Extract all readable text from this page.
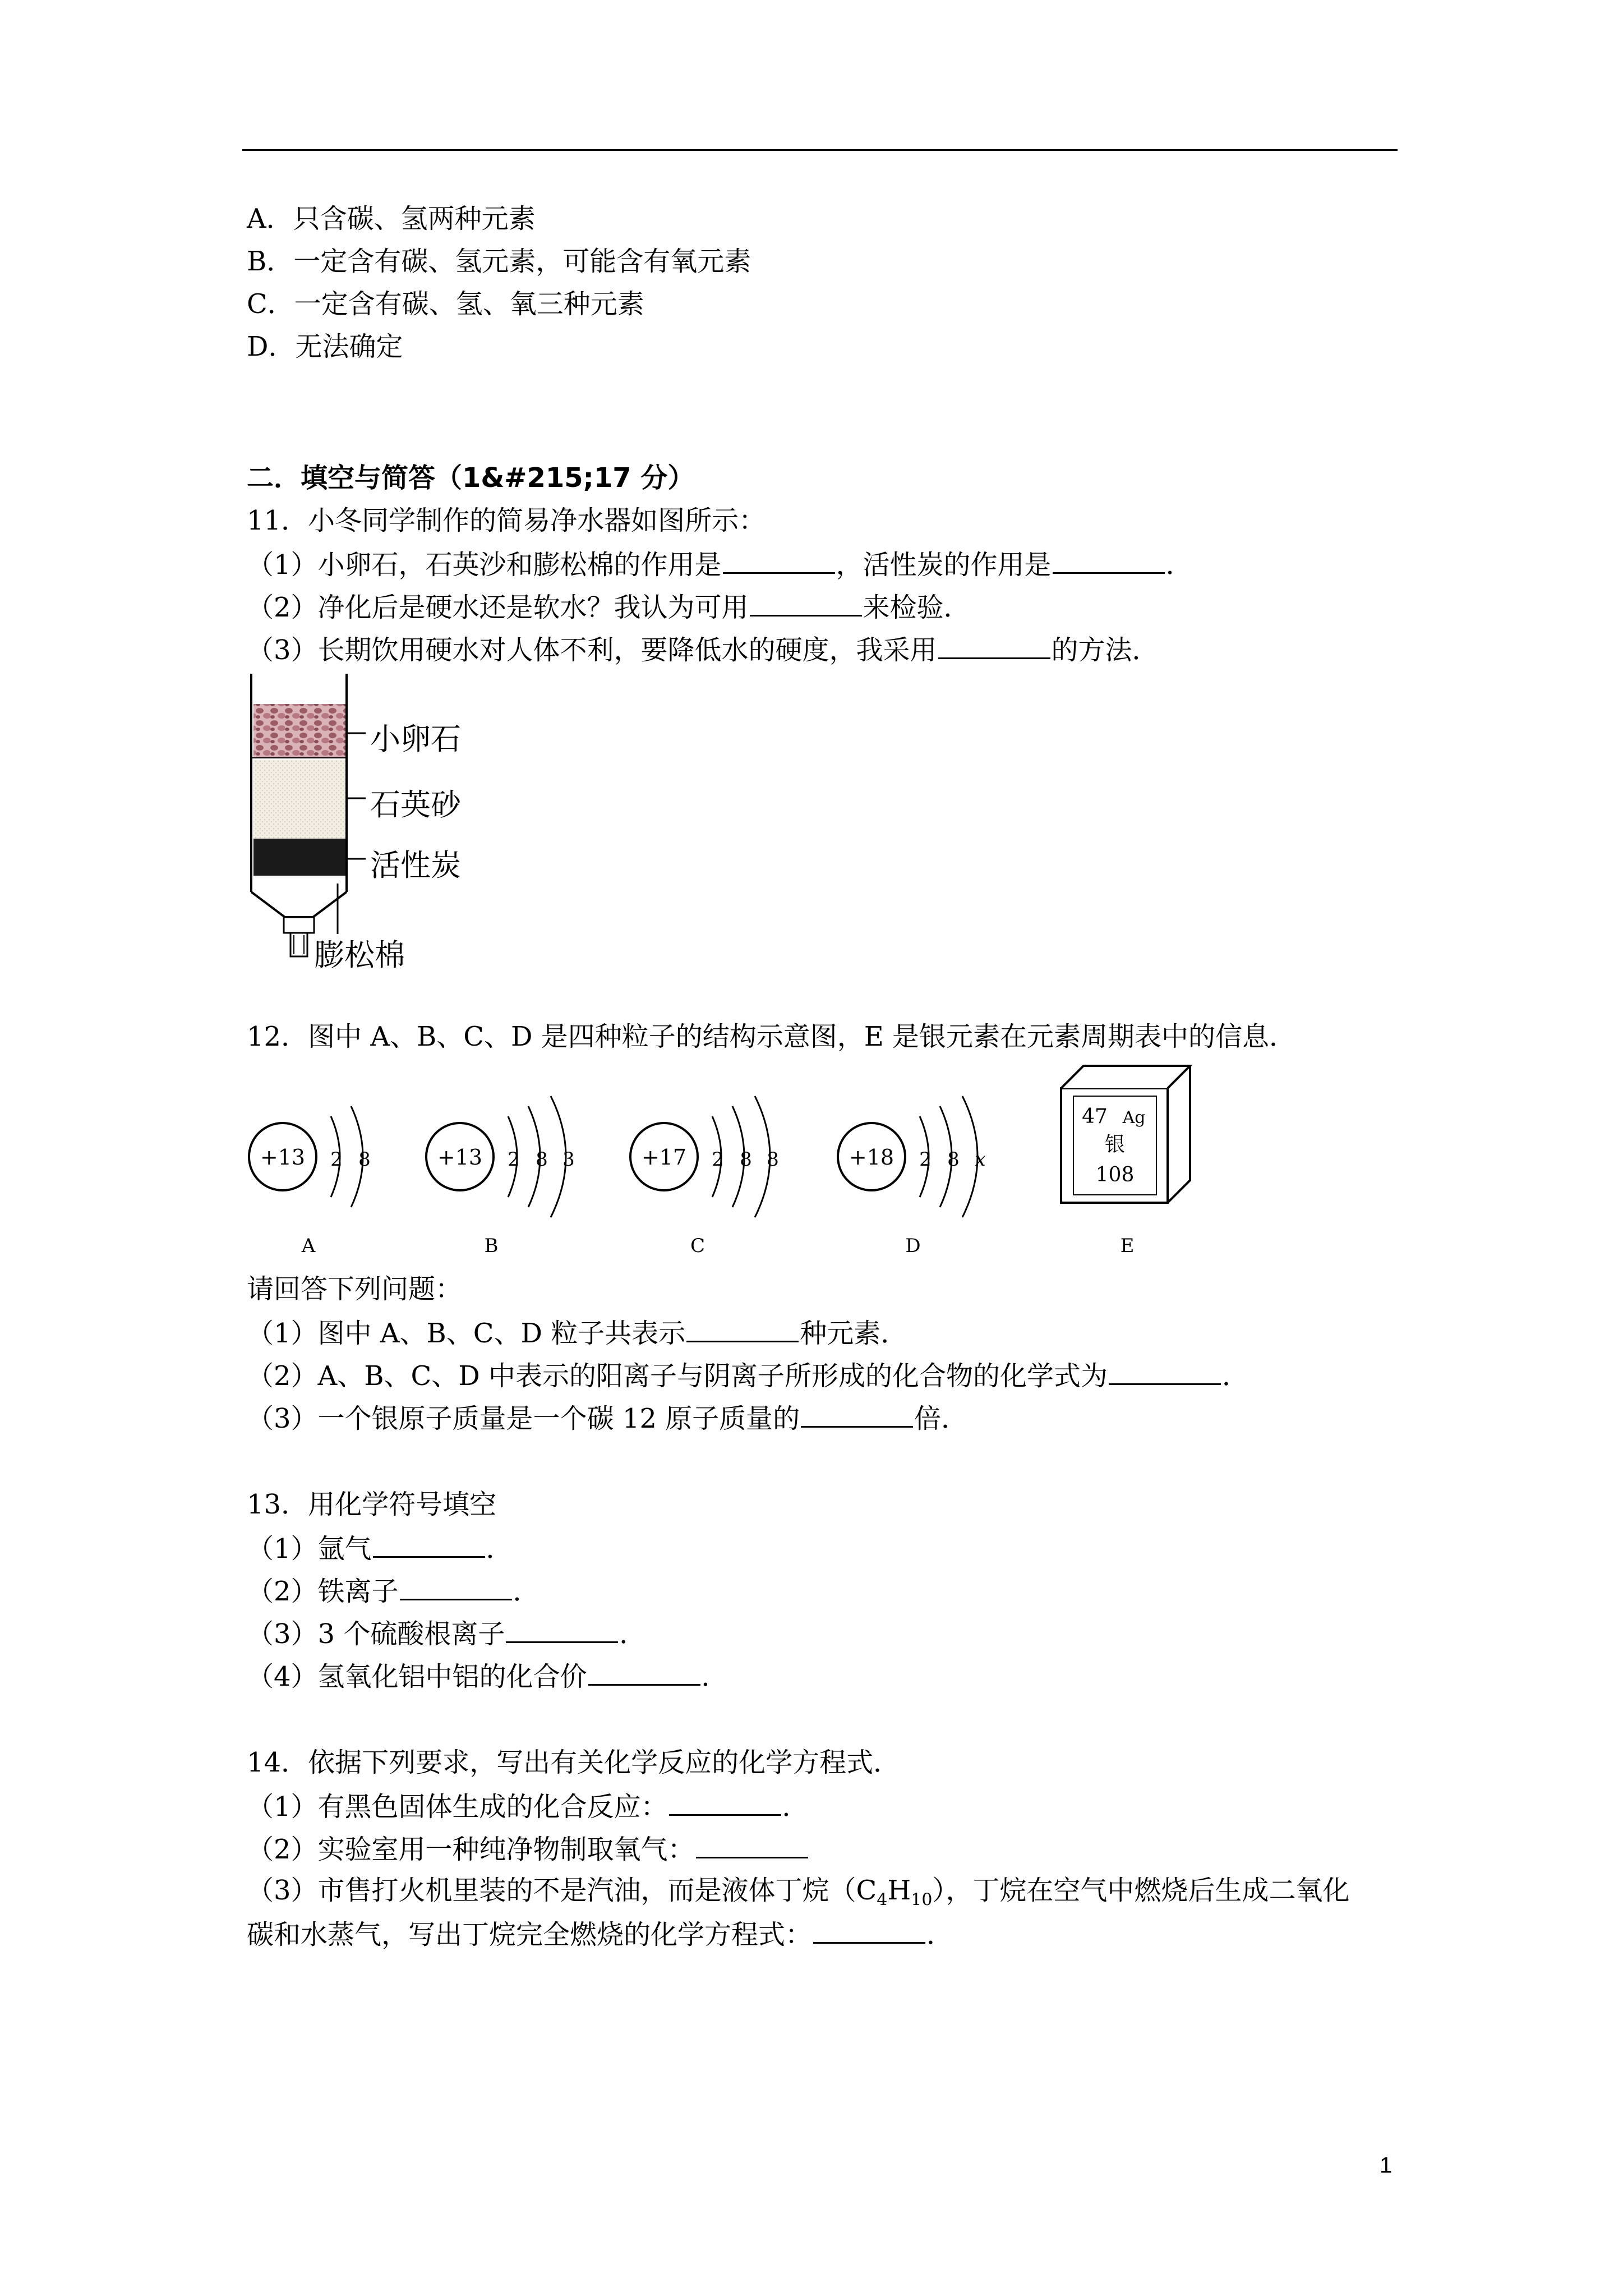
A．只含碳、氢两种元素
B．一定含有碳、氢元素，可能含有氧元素
C．一定含有碳、氢、氧三种元素
D．无法确定
二．填空与简答（1&#215;17 分）
11．小冬同学制作的简易净水器如图所示：
（1）小卵石，石英沙和膨松棉的作用是	，活性炭的作用是	．
（2）净化后是硬水还是软水？我认为可用	来检验．
（3）长期饮用硬水对人体不利，要降低水的硬度，我采用	的方法．
小卵石
石英砂
活性炭
膨松棉
12．图中 A、B、C、D 是四种粒子的结构示意图，E 是银元素在元素周期表中的信息．
+13 2 8
A
+13 2 8 3
B
+17 2 8 8
C
+18 2 8 x
D
47 Ag
银
108
E
请回答下列问题：
（1）图中 A、B、C、D 粒子共表示	种元素．
（2）A、B、C、D 中表示的阳离子与阴离子所形成的化合物的化学式为	．
（3）一个银原子质量是一个碳 12 原子质量的	倍．
13．用化学符号填空
（1）氩气	．
（2）铁离子	．
（3）3 个硫酸根离子	．
（4）氢氧化铝中铝的化合价	．
14．依据下列要求，写出有关化学反应的化学方程式．
（1）有黑色固体生成的化合反应：	．
（2）实验室用一种纯净物制取氧气：
（3）市售打火机里装的不是汽油，而是液体丁烷$(C_4H_{10})$，丁烷在空气中燃烧后生成二氧化
碳和水蒸气，写出丁烷完全燃烧的化学方程式：	．
1
